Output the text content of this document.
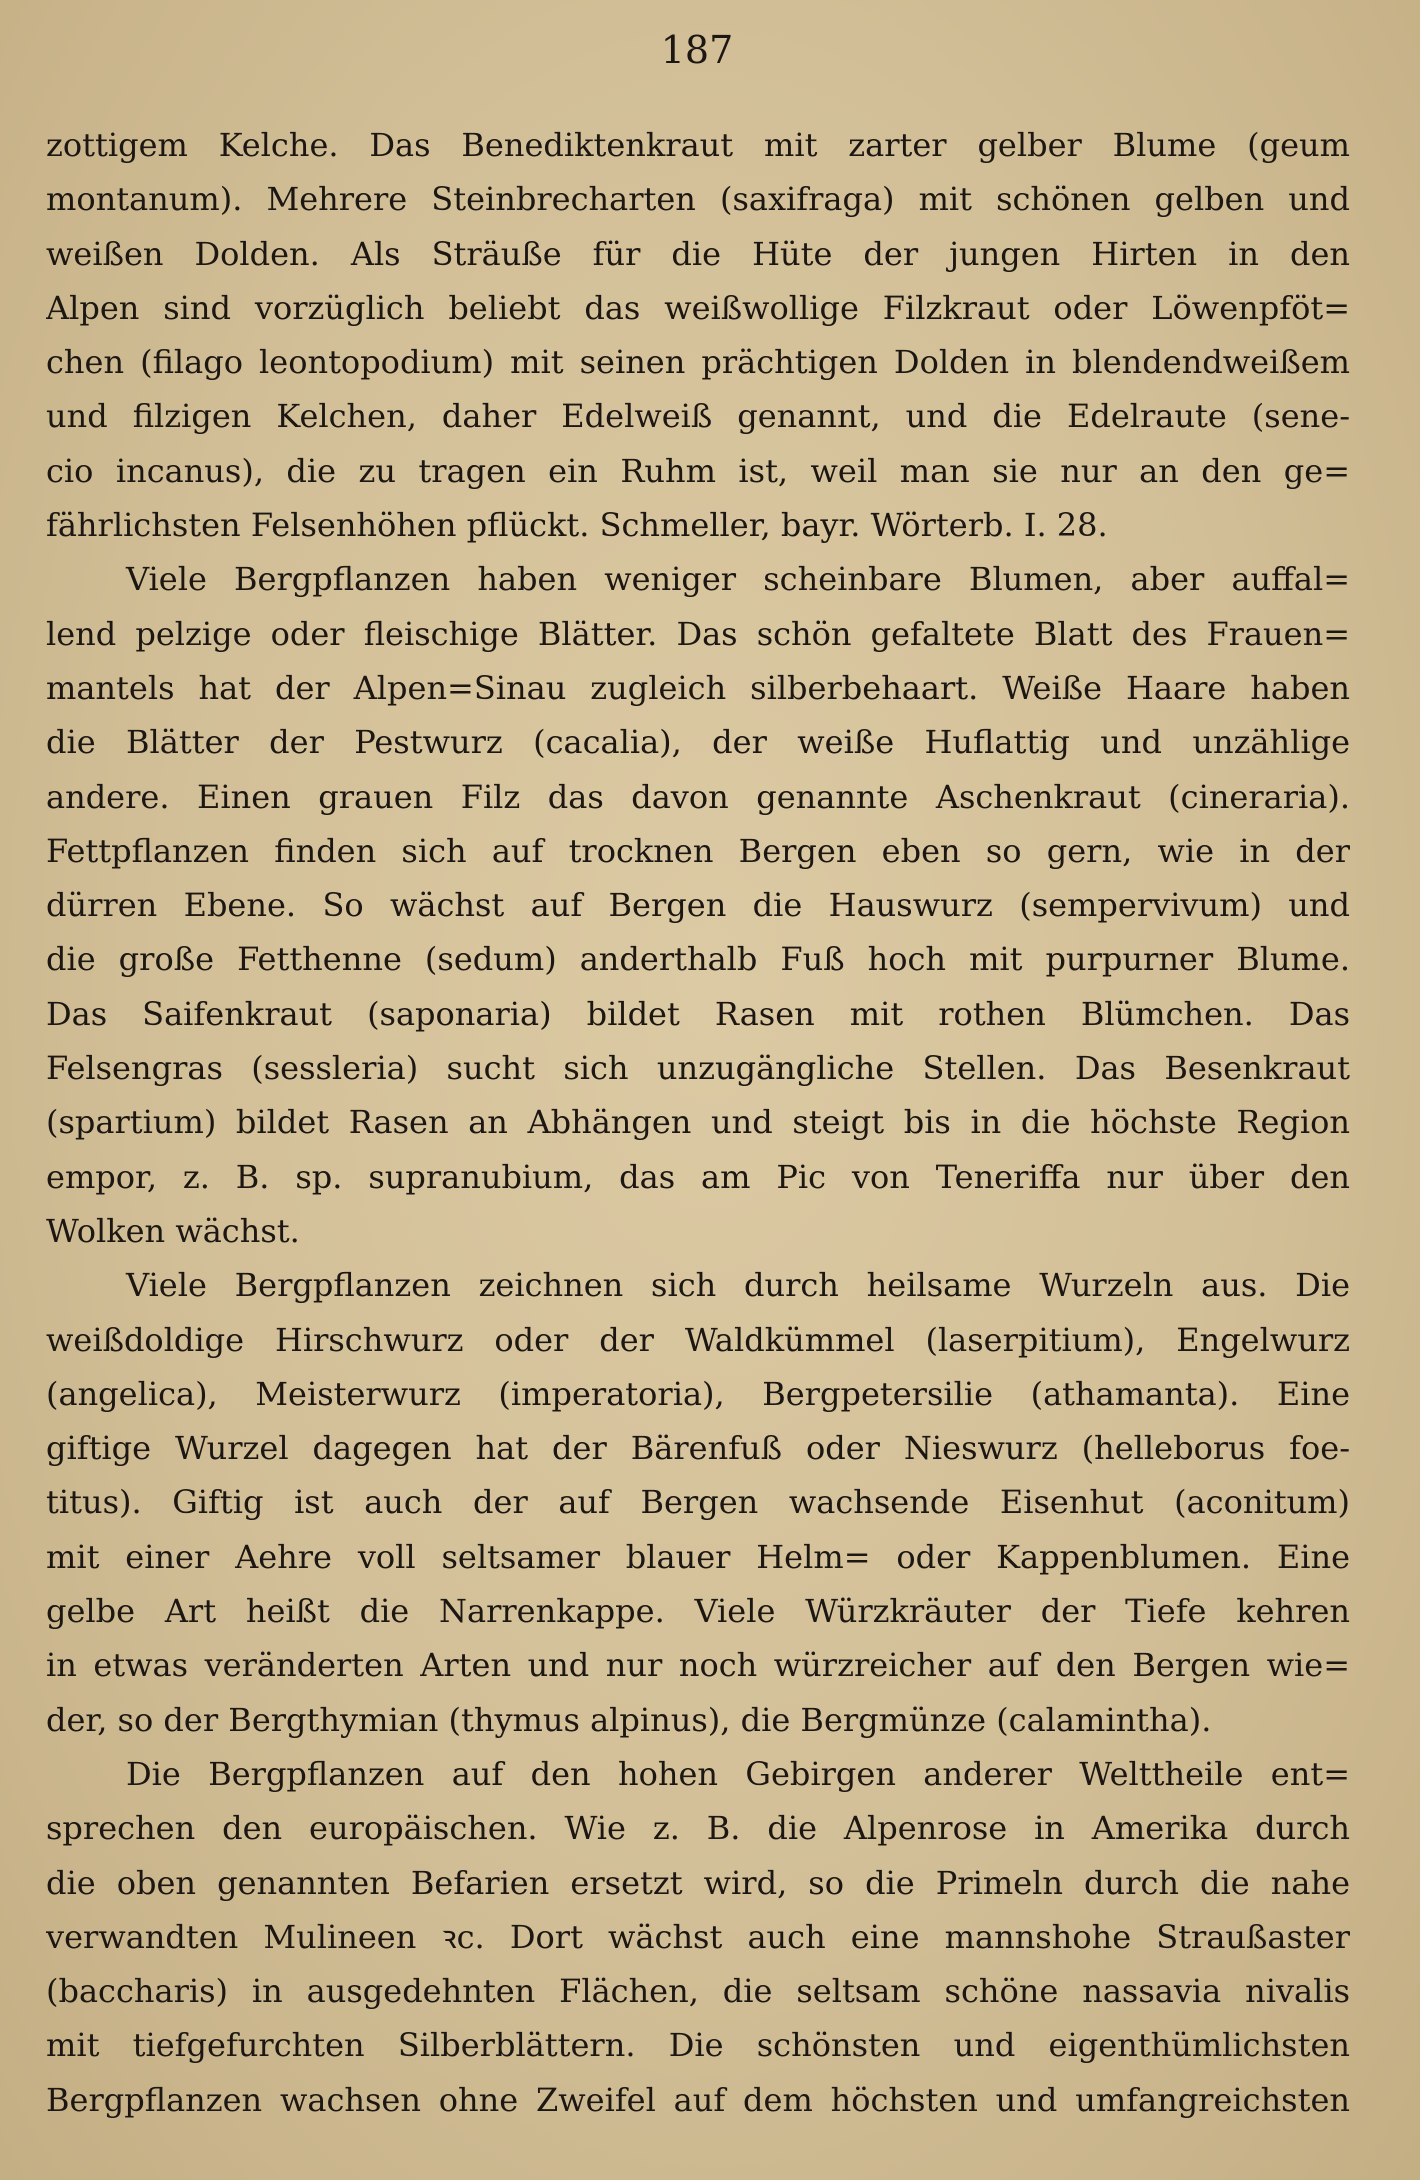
187
zottigem Kelche. Das Benediktenkraut mit zarter gelber Blume (geum
montanum). Mehrere Steinbrecharten (saxifraga) mit schönen gelben und
weißen Dolden. Als Sträuße für die Hüte der jungen Hirten in den
Alpen sind vorzüglich beliebt das weißwollige Filzkraut oder Löwenpföt=
chen (filago leontopodium) mit seinen prächtigen Dolden in blendendweißem
und filzigen Kelchen, daher Edelweiß genannt, und die Edelraute (sene-
cio incanus), die zu tragen ein Ruhm ist, weil man sie nur an den ge=
fährlichsten Felsenhöhen pflückt. Schmeller, bayr. Wörterb. I. 28.
Viele Bergpflanzen haben weniger scheinbare Blumen, aber auffal=
lend pelzige oder fleischige Blätter. Das schön gefaltete Blatt des Frauen=
mantels hat der Alpen=Sinau zugleich silberbehaart. Weiße Haare haben
die Blätter der Pestwurz (cacalia), der weiße Huflattig und unzählige
andere. Einen grauen Filz das davon genannte Aschenkraut (cineraria).
Fettpflanzen finden sich auf trocknen Bergen eben so gern, wie in der
dürren Ebene. So wächst auf Bergen die Hauswurz (sempervivum) und
die große Fetthenne (sedum) anderthalb Fuß hoch mit purpurner Blume.
Das Saifenkraut (saponaria) bildet Rasen mit rothen Blümchen. Das
Felsengras (sessleria) sucht sich unzugängliche Stellen. Das Besenkraut
(spartium) bildet Rasen an Abhängen und steigt bis in die höchste Region
empor, z. B. sp. supranubium, das am Pic von Teneriffa nur über den
Wolken wächst.
Viele Bergpflanzen zeichnen sich durch heilsame Wurzeln aus. Die
weißdoldige Hirschwurz oder der Waldkümmel (laserpitium), Engelwurz
(angelica), Meisterwurz (imperatoria), Bergpetersilie (athamanta). Eine
giftige Wurzel dagegen hat der Bärenfuß oder Nieswurz (helleborus foe-
titus). Giftig ist auch der auf Bergen wachsende Eisenhut (aconitum)
mit einer Aehre voll seltsamer blauer Helm= oder Kappenblumen. Eine
gelbe Art heißt die Narrenkappe. Viele Würzkräuter der Tiefe kehren
in etwas veränderten Arten und nur noch würzreicher auf den Bergen wie=
der, so der Bergthymian (thymus alpinus), die Bergmünze (calamintha).
Die Bergpflanzen auf den hohen Gebirgen anderer Welttheile ent=
sprechen den europäischen. Wie z. B. die Alpenrose in Amerika durch
die oben genannten Befarien ersetzt wird, so die Primeln durch die nahe
verwandten Mulineen ꝛc. Dort wächst auch eine mannshohe Straußaster
(baccharis) in ausgedehnten Flächen, die seltsam schöne nassavia nivalis
mit tiefgefurchten Silberblättern. Die schönsten und eigenthümlichsten
Bergpflanzen wachsen ohne Zweifel auf dem höchsten und umfangreichsten
